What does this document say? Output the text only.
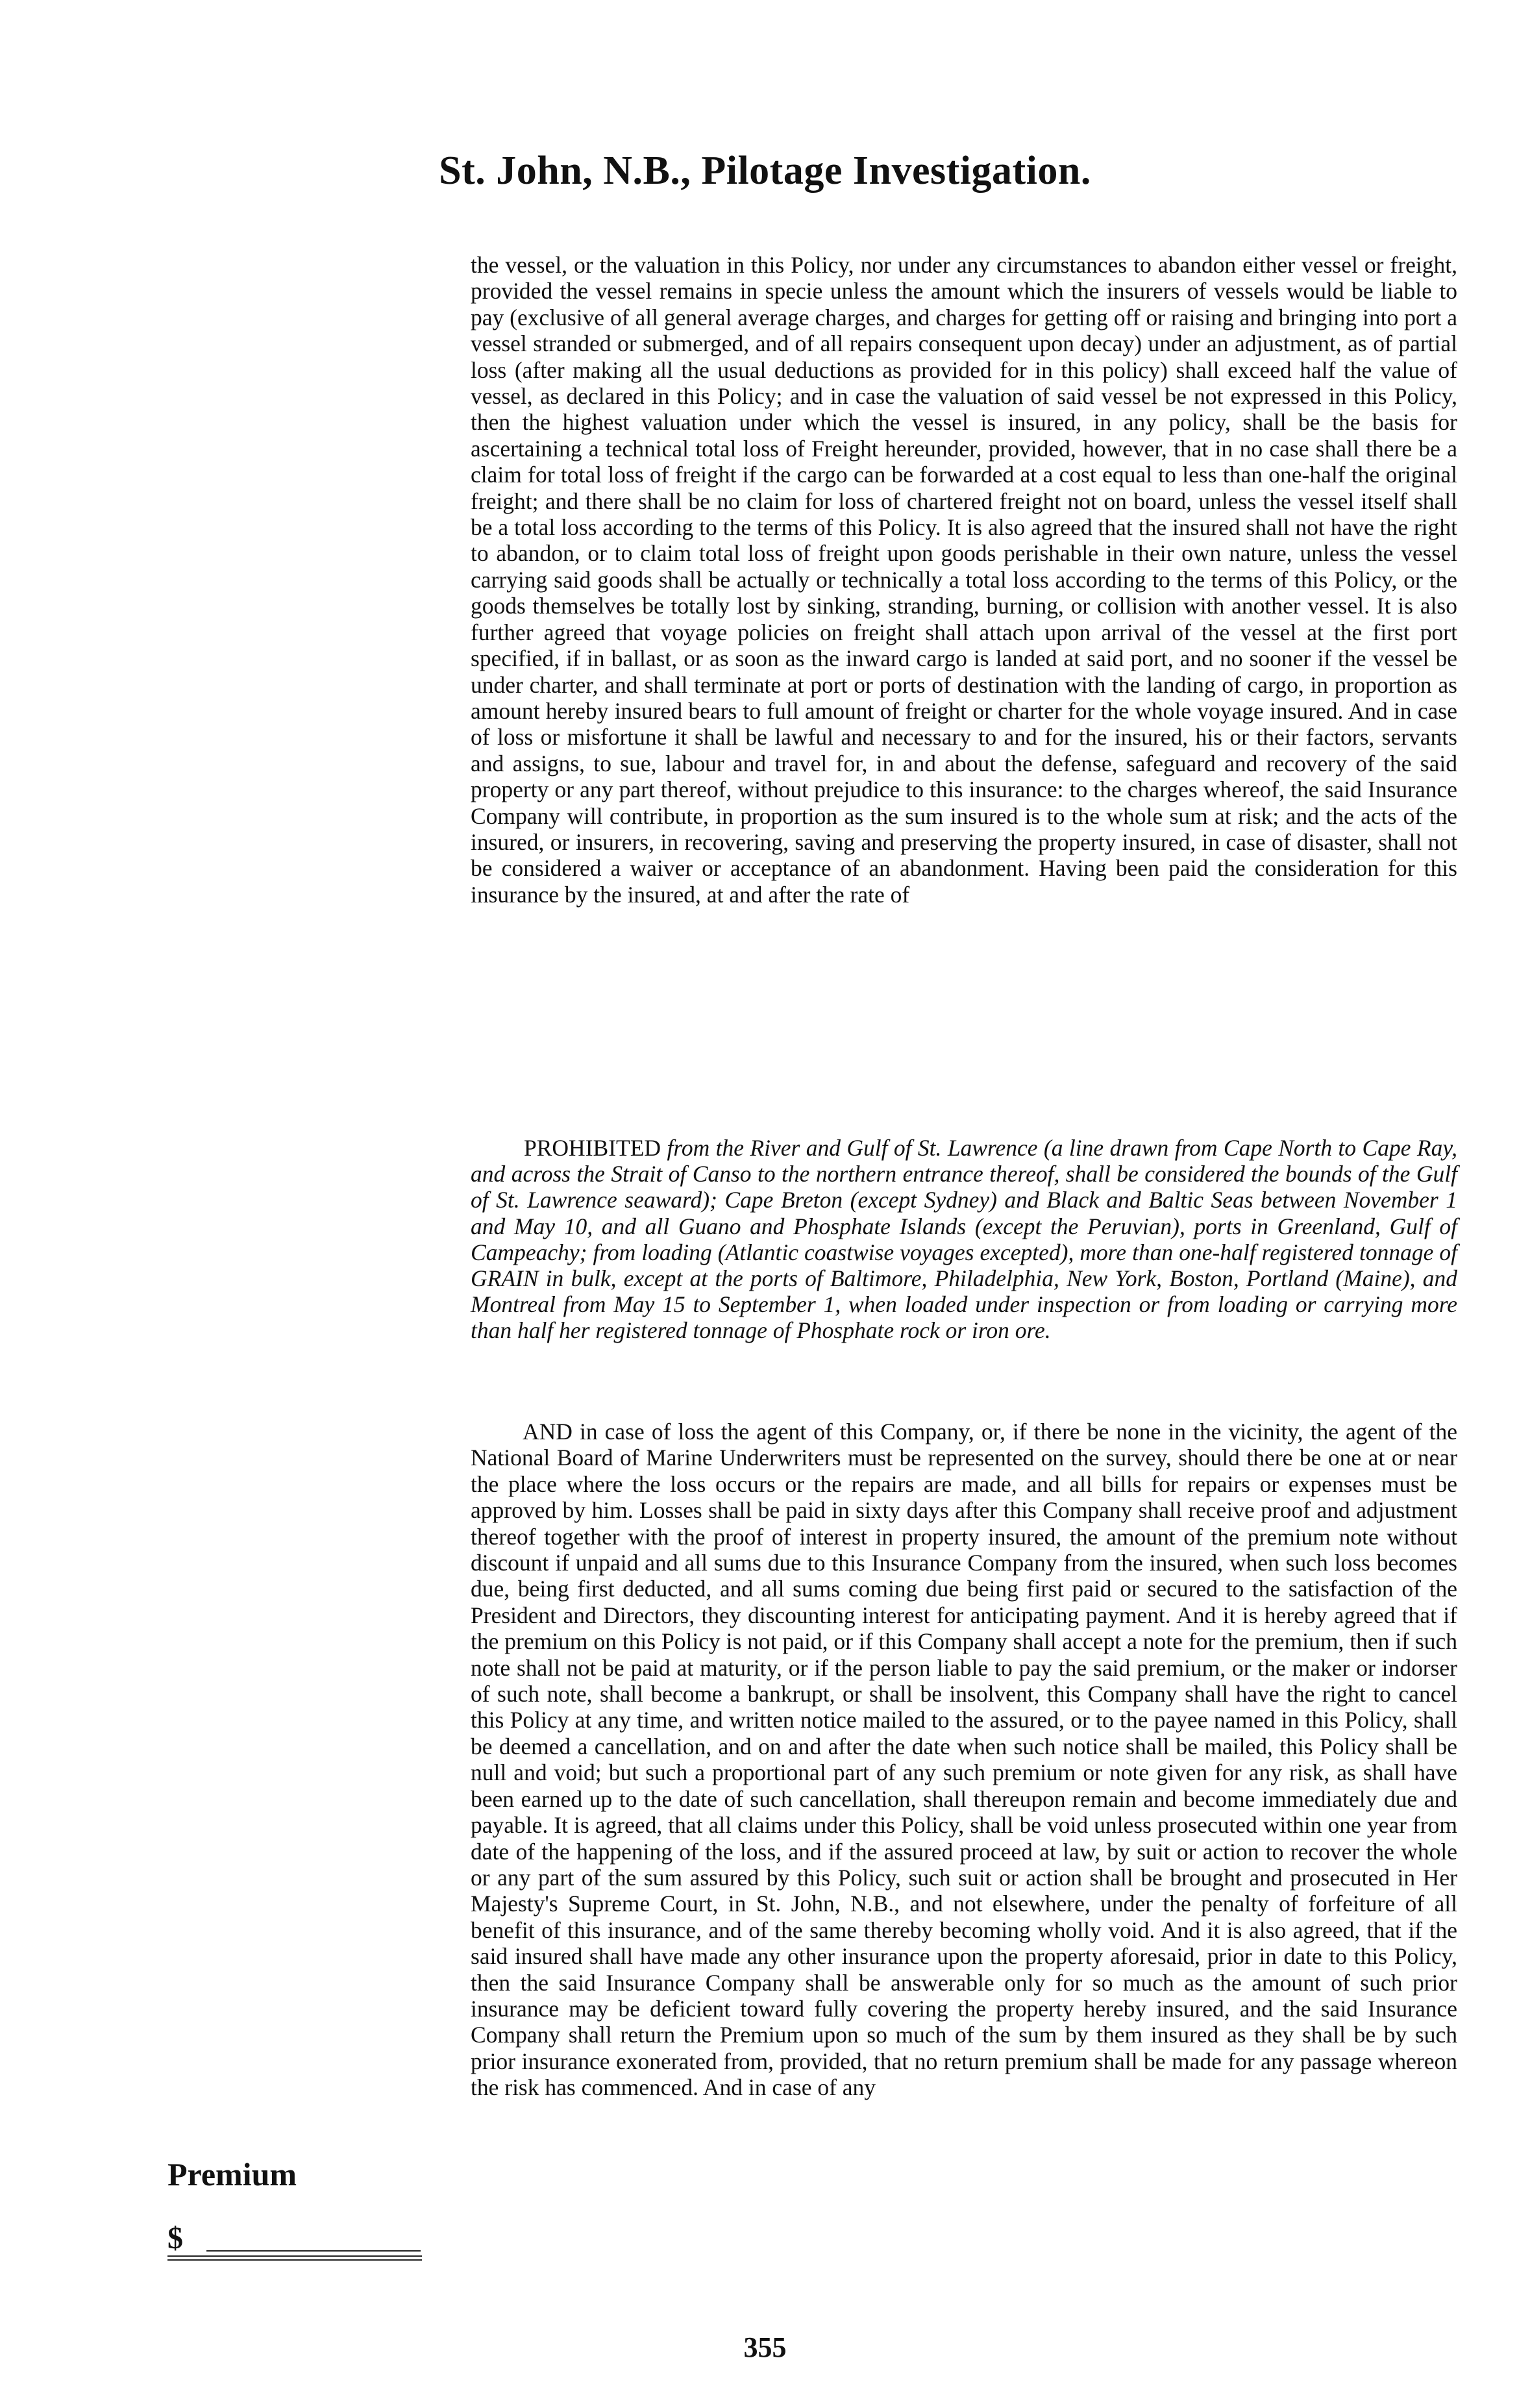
St. John, N.B., Pilotage Investigation.

the vessel, or the valuation in this Policy, nor under any circumstances to abandon either vessel or freight, provided the vessel remains in specie unless the amount which the insurers of vessels would be liable to pay (exclusive of all general average charges, and charges for getting off or raising and bringing into port a vessel stranded or submerged, and of all repairs consequent upon decay) under an adjustment, as of partial loss (after making all the usual deductions as provided for in this policy) shall exceed half the value of vessel, as declared in this Policy; and in case the valuation of said vessel be not expressed in this Policy, then the highest valuation under which the vessel is insured, in any policy, shall be the basis for ascertaining a technical total loss of Freight hereunder, provided, however, that in no case shall there be a claim for total loss of freight if the cargo can be forwarded at a cost equal to less than one-half the original freight; and there shall be no claim for loss of chartered freight not on board, unless the vessel itself shall be a total loss according to the terms of this Policy. It is also agreed that the insured shall not have the right to abandon, or to claim total loss of freight upon goods perishable in their own nature, unless the vessel carrying said goods shall be actually or technically a total loss according to the terms of this Policy, or the goods themselves be totally lost by sinking, stranding, burning, or collision with another vessel. It is also further agreed that voyage policies on freight shall attach upon arrival of the vessel at the first port specified, if in ballast, or as soon as the inward cargo is landed at said port, and no sooner if the vessel be under charter, and shall terminate at port or ports of destination with the landing of cargo, in proportion as amount hereby insured bears to full amount of freight or charter for the whole voyage insured. And in case of loss or misfortune it shall be lawful and necessary to and for the insured, his or their factors, servants and assigns, to sue, labour and travel for, in and about the defense, safeguard and recovery of the said property or any part thereof, without prejudice to this insurance: to the charges whereof, the said Insurance Company will contribute, in proportion as the sum insured is to the whole sum at risk; and the acts of the insured, or insurers, in recovering, saving and preserving the property insured, in case of disaster, shall not be considered a waiver or acceptance of an abandonment. Having been paid the consideration for this insurance by the insured, at and after the rate of

PROHIBITED from the River and Gulf of St. Lawrence (a line drawn from Cape North to Cape Ray, and across the Strait of Canso to the northern entrance thereof, shall be considered the bounds of the Gulf of St. Lawrence seaward); Cape Breton (except Sydney) and Black and Baltic Seas between November 1 and May 10, and all Guano and Phosphate Islands (except the Peruvian), ports in Greenland, Gulf of Campeachy; from loading (Atlantic coastwise voyages excepted), more than one-half registered tonnage of GRAIN in bulk, except at the ports of Baltimore, Philadelphia, New York, Boston, Portland (Maine), and Montreal from May 15 to September 1, when loaded under inspection or from loading or carrying more than half her registered tonnage of Phosphate rock or iron ore.

AND in case of loss the agent of this Company, or, if there be none in the vicinity, the agent of the National Board of Marine Underwriters must be represented on the survey, should there be one at or near the place where the loss occurs or the repairs are made, and all bills for repairs or expenses must be approved by him. Losses shall be paid in sixty days after this Company shall receive proof and adjustment thereof together with the proof of interest in property insured, the amount of the premium note without discount if unpaid and all sums due to this Insurance Company from the insured, when such loss becomes due, being first deducted, and all sums coming due being first paid or secured to the satisfaction of the President and Directors, they discounting interest for anticipating payment. And it is hereby agreed that if the premium on this Policy is not paid, or if this Company shall accept a note for the premium, then if such note shall not be paid at maturity, or if the person liable to pay the said premium, or the maker or indorser of such note, shall become a bankrupt, or shall be insolvent, this Company shall have the right to cancel this Policy at any time, and written notice mailed to the assured, or to the payee named in this Policy, shall be deemed a cancellation, and on and after the date when such notice shall be mailed, this Policy shall be null and void; but such a proportional part of any such premium or note given for any risk, as shall have been earned up to the date of such cancellation, shall thereupon remain and become immediately due and payable. It is agreed, that all claims under this Policy, shall be void unless prosecuted within one year from date of the happening of the loss, and if the assured proceed at law, by suit or action to recover the whole or any part of the sum assured by this Policy, such suit or action shall be brought and prosecuted in Her Majesty's Supreme Court, in St. John, N.B., and not elsewhere, under the penalty of forfeiture of all benefit of this insurance, and of the same thereby becoming wholly void. And it is also agreed, that if the said insured shall have made any other insurance upon the property aforesaid, prior in date to this Policy, then the said Insurance Company shall be answerable only for so much as the amount of such prior insurance may be deficient toward fully covering the property hereby insured, and the said Insurance Company shall return the Premium upon so much of the sum by them insured as they shall be by such prior insurance exonerated from, provided, that no return premium shall be made for any passage whereon the risk has commenced. And in case of any

Premium
$
355
